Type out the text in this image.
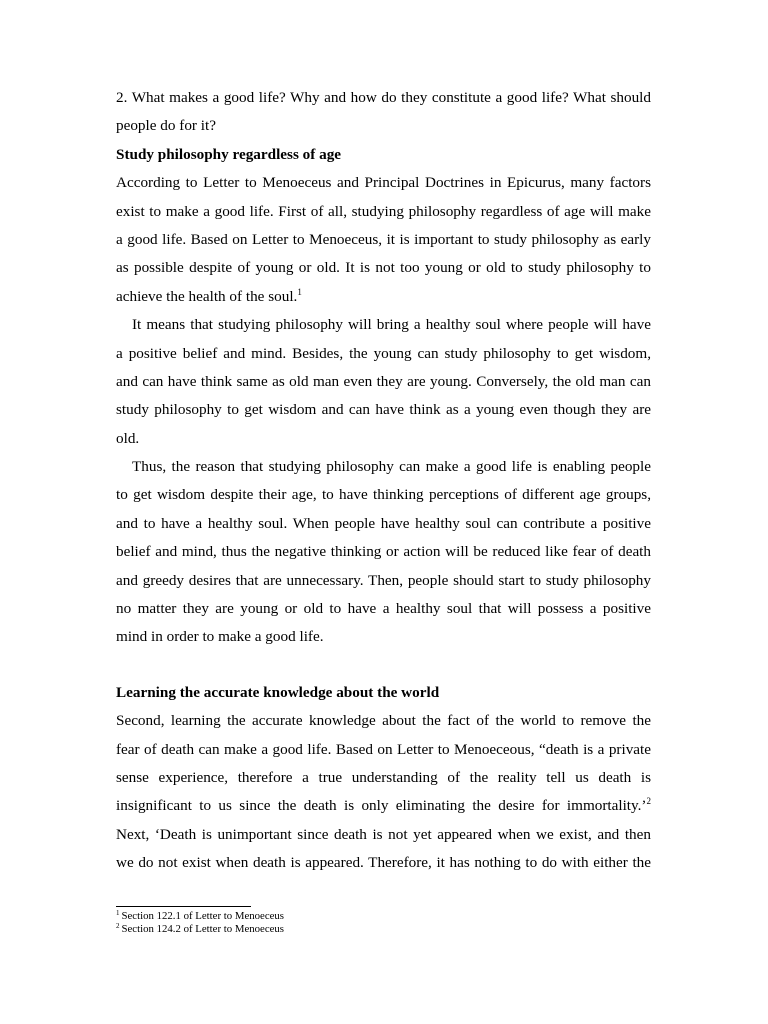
2. What makes a good life? Why and how do they constitute a good life? What should
people do for it?
Study philosophy regardless of age
According to Letter to Menoeceus and Principal Doctrines in Epicurus, many factors
exist to make a good life. First of all, studying philosophy regardless of age will make
a good life. Based on Letter to Menoeceus, it is important to study philosophy as early
as possible despite of young or old. It is not too young or old to study philosophy to
achieve the health of the soul.$^1$
It means that studying philosophy will bring a healthy soul where people will have
a positive belief and mind. Besides, the young can study philosophy to get wisdom,
and can have think same as old man even they are young. Conversely, the old man can
study philosophy to get wisdom and can have think as a young even though they are
old.
Thus, the reason that studying philosophy can make a good life is enabling people
to get wisdom despite their age, to have thinking perceptions of different age groups,
and to have a healthy soul. When people have healthy soul can contribute a positive
belief and mind, thus the negative thinking or action will be reduced like fear of death
and greedy desires that are unnecessary. Then, people should start to study philosophy
no matter they are young or old to have a healthy soul that will possess a positive
mind in order to make a good life.
Learning the accurate knowledge about the world
Second, learning the accurate knowledge about the fact of the world to remove the
fear of death can make a good life. Based on Letter to Menoeceous, “death is a private
sense experience, therefore a true understanding of the reality tell us death is
insignificant to us since the death is only eliminating the desire for immortality.’$^2$
Next, ‘Death is unimportant since death is not yet appeared when we exist, and then
we do not exist when death is appeared. Therefore, it has nothing to do with either the
$^1$ Section 122.1 of Letter to Menoeceus
$^2$ Section 124.2 of Letter to Menoeceus
